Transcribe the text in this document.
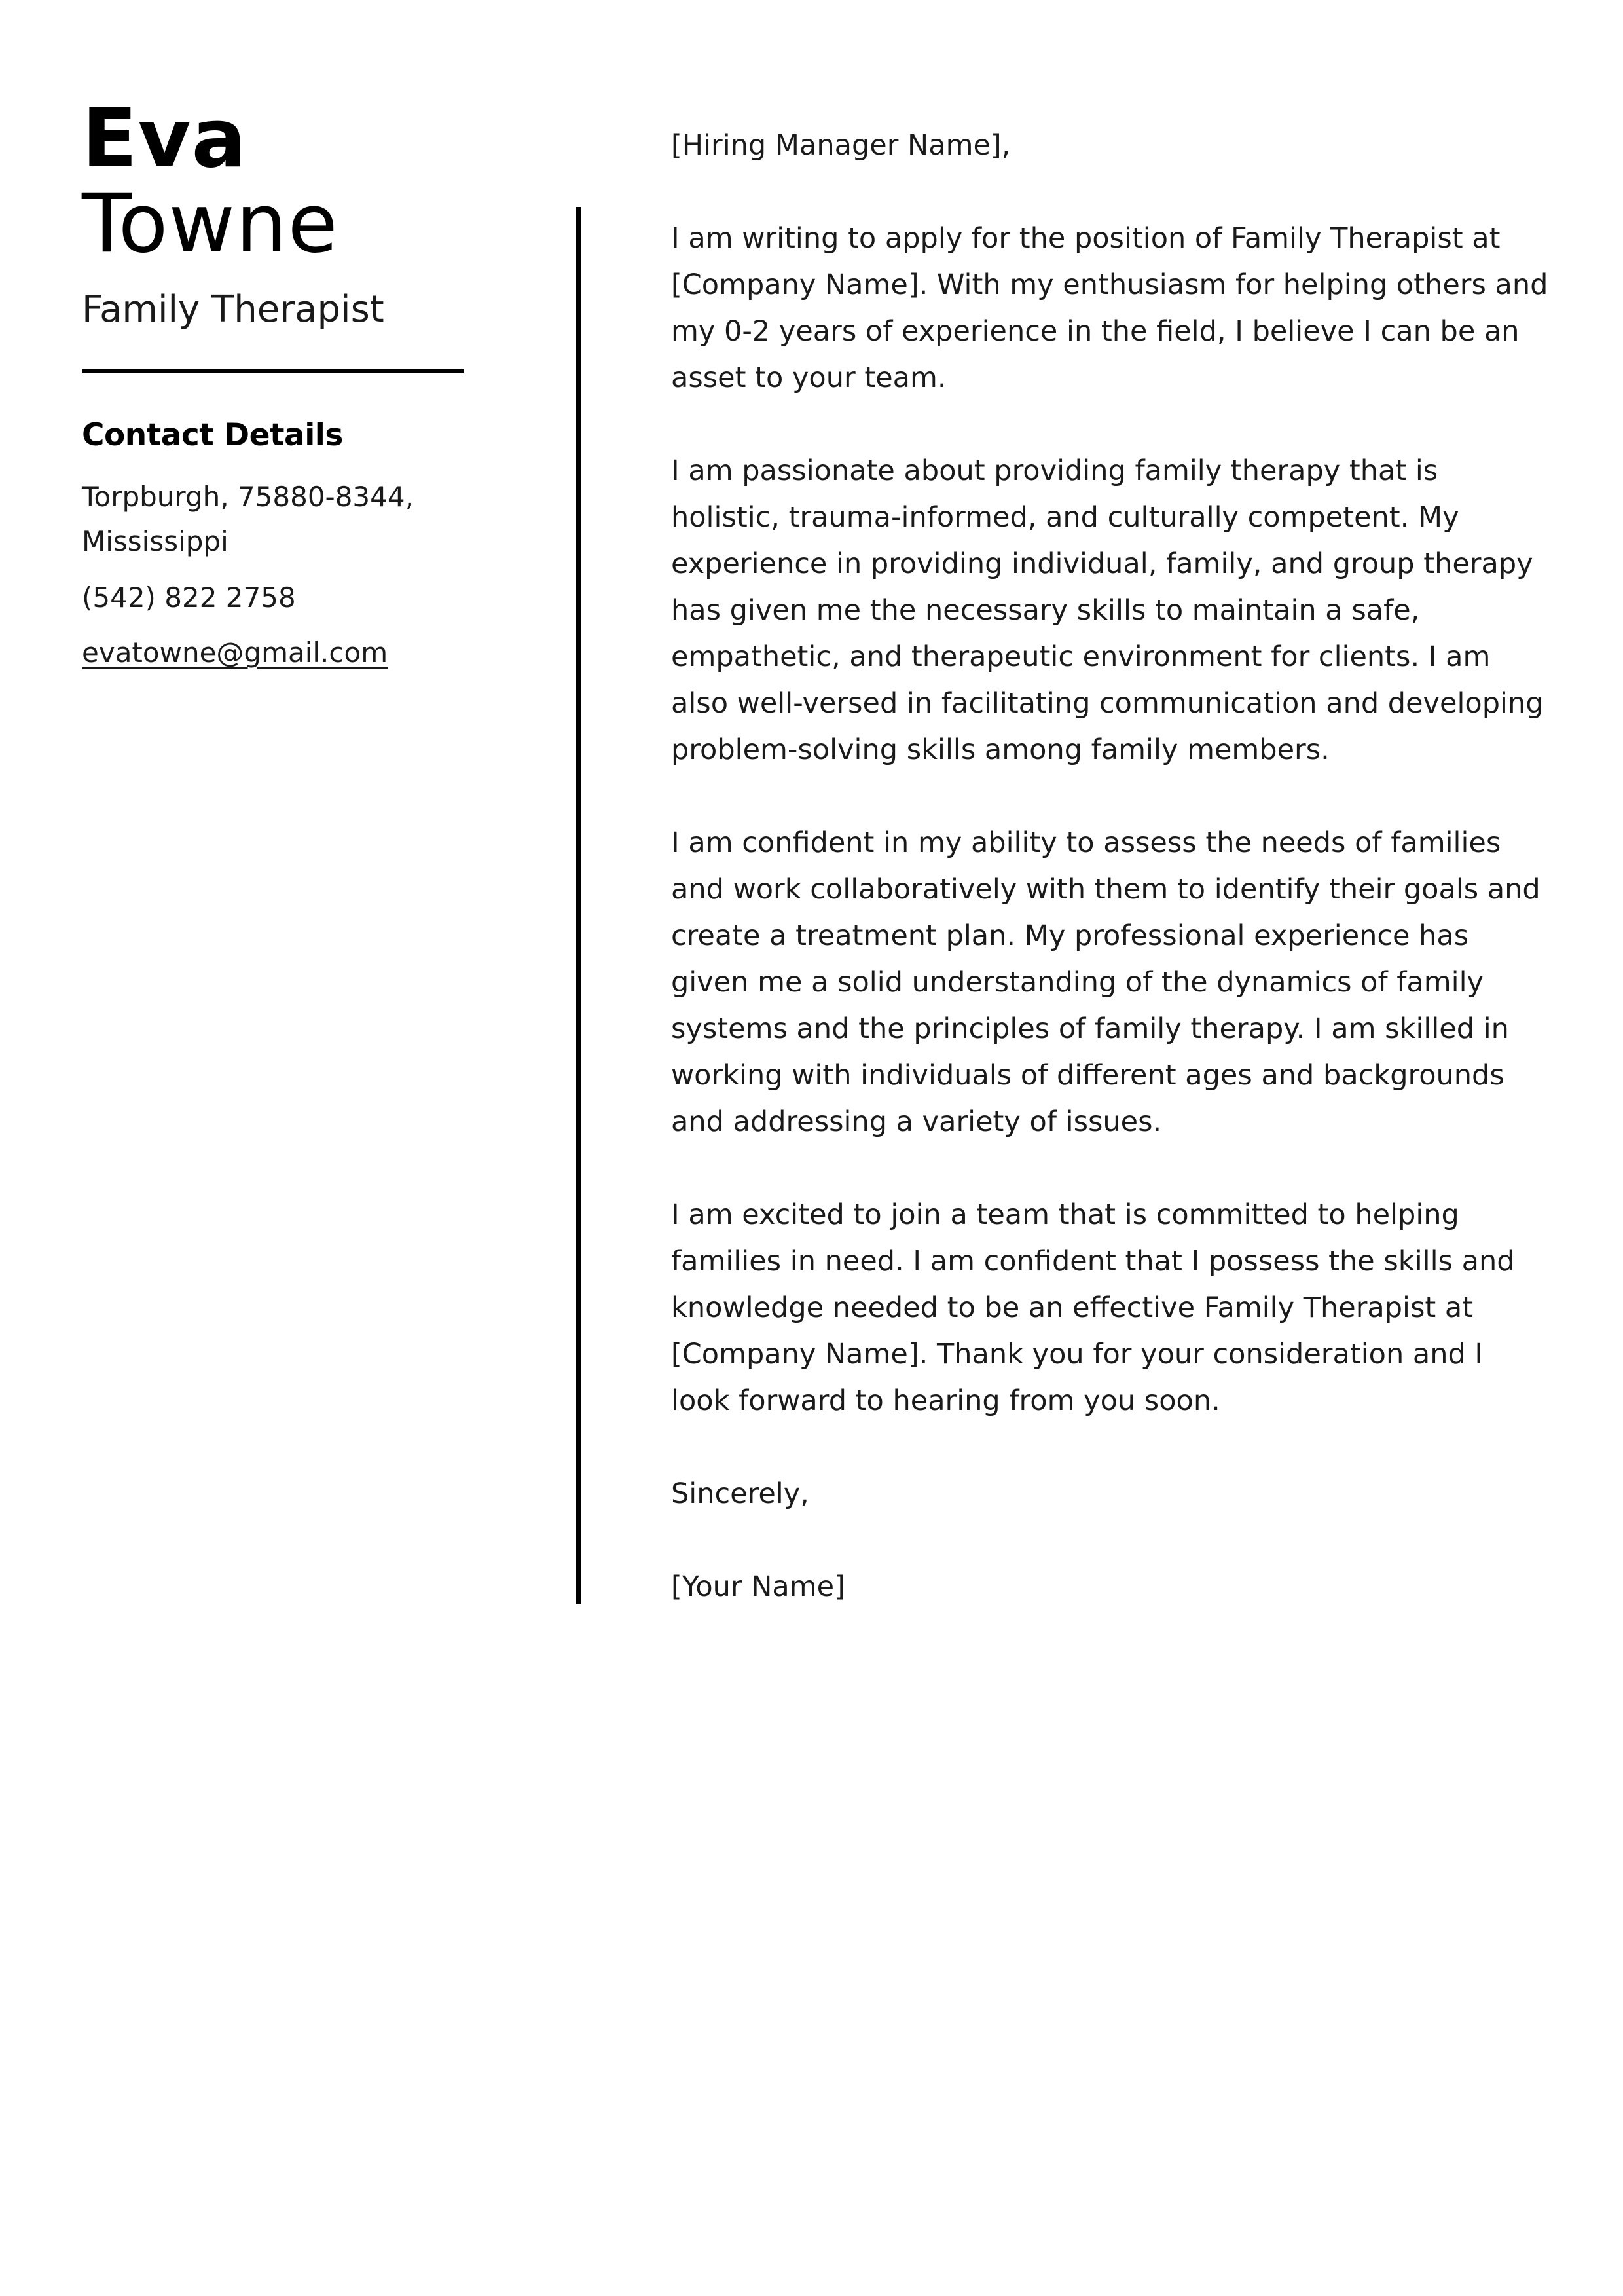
Eva
Towne
Family Therapist
Contact Details
Torpburgh, 75880-8344,
Mississippi
(542) 822 2758
evatowne@gmail.com

[Hiring Manager Name],

I am writing to apply for the position of Family Therapist at [Company Name]. With my enthusiasm for helping others and my 0-2 years of experience in the field, I believe I can be an asset to your team.

I am passionate about providing family therapy that is holistic, trauma-informed, and culturally competent. My experience in providing individual, family, and group therapy has given me the necessary skills to maintain a safe, empathetic, and therapeutic environment for clients. I am also well-versed in facilitating communication and developing problem-solving skills among family members.

I am confident in my ability to assess the needs of families and work collaboratively with them to identify their goals and create a treatment plan. My professional experience has given me a solid understanding of the dynamics of family systems and the principles of family therapy. I am skilled in working with individuals of different ages and backgrounds and addressing a variety of issues.

I am excited to join a team that is committed to helping families in need. I am confident that I possess the skills and knowledge needed to be an effective Family Therapist at [Company Name]. Thank you for your consideration and I look forward to hearing from you soon.

Sincerely,

[Your Name]
